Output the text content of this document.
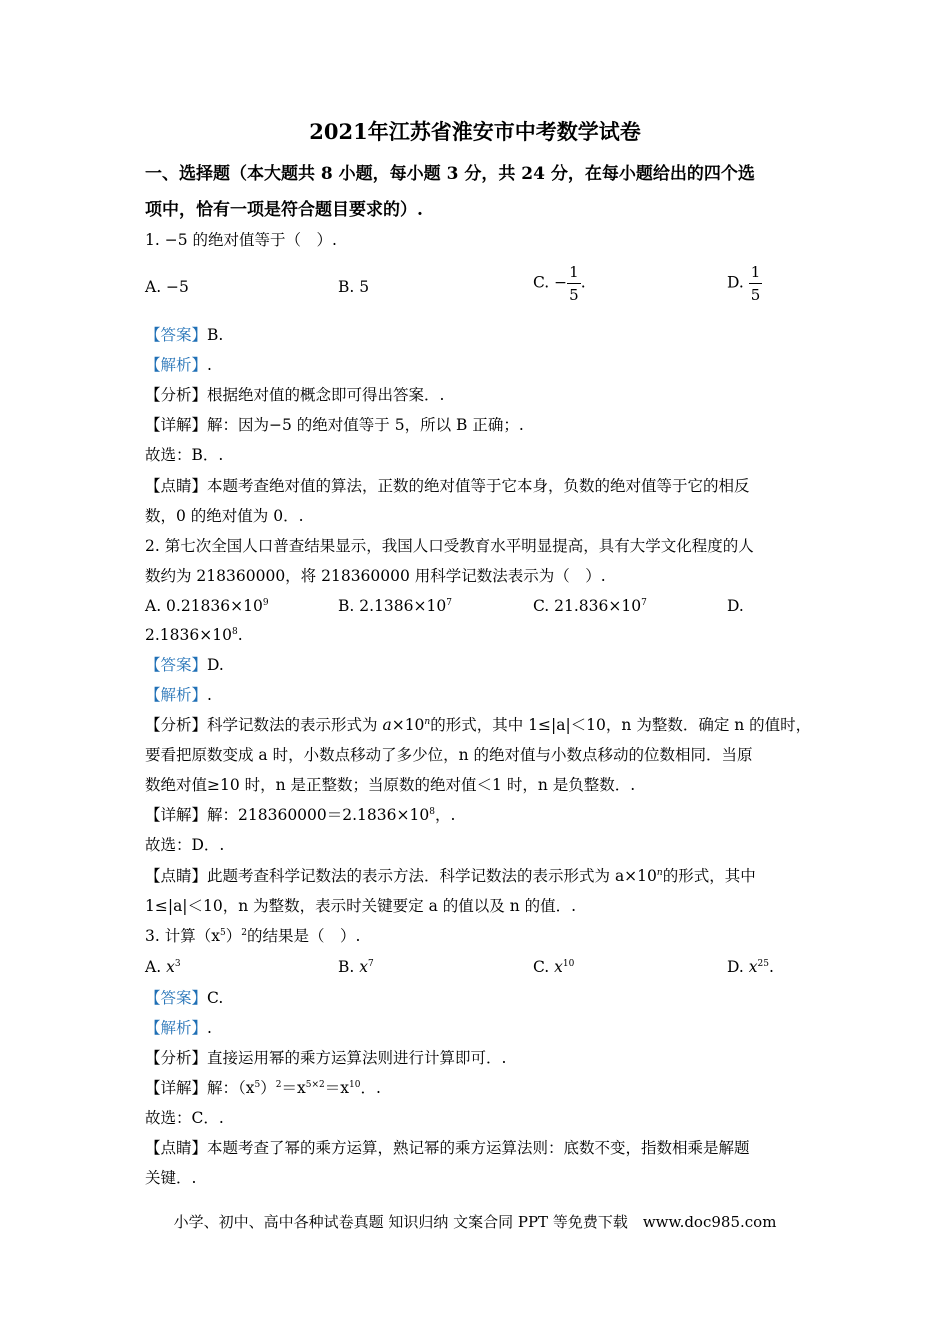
2021年江苏省淮安市中考数学试卷
一、选择题（本大题共 8 小题，每小题 3 分，共 24 分，在每小题给出的四个选
项中，恰有一项是符合题目要求的）.
1. −5 的绝对值等于（　）.
A. −5	B. 5	C. − $\frac{1}{5}$ .	D. $\frac{1}{5}$
【答案】B.
【解析】.
【分析】根据绝对值的概念即可得出答案．.
【详解】解：因为−5 的绝对值等于 5，所以 B 正确；.
故选：B．.
【点睛】本题考查绝对值的算法，正数的绝对值等于它本身，负数的绝对值等于它的相反
数，0 的绝对值为 0．.
2. 第七次全国人口普查结果显示，我国人口受教育水平明显提高，具有大学文化程度的人
数约为 218360000，将 218360000 用科学记数法表示为（　）.
A. $0.21836\times 10^9$	B. $2.1386\times 10^7$	C. $21.836\times 10^7$	D.
$2.1836\times 10^8$.
【答案】D.
【解析】.
【分析】科学记数法的表示形式为 $a\times 10^n$的形式，其中 1≤|a|＜10，n 为整数．确定 n 的值时，
要看把原数变成 a 时，小数点移动了多少位，n 的绝对值与小数点移动的位数相同．当原
数绝对值≥10 时，n 是正整数；当原数的绝对值＜1 时，n 是负整数．.
【详解】解：$218360000=2.1836\times 10^8$，.
故选：D．.
【点睛】此题考查科学记数法的表示方法．科学记数法的表示形式为 $a\times 10^n$的形式，其中
1≤|a|＜10，n 为整数，表示时关键要定 a 的值以及 n 的值．.
3. 计算$(x^5)^2$的结果是（　）.
A. $x^3$	B. $x^7$	C. $x^{10}$	D. $x^{25}$.
【答案】C.
【解析】.
【分析】直接运用幂的乘方运算法则进行计算即可．.
【详解】解：$(x^5)^2=x^{5\times 2}=x^{10}$．.
故选：C．.
【点睛】本题考查了幂的乘方运算，熟记幂的乘方运算法则：底数不变，指数相乘是解题
关键．.
小学、初中、高中各种试卷真题 知识归纳 文案合同 PPT 等免费下载　www.doc985.com
